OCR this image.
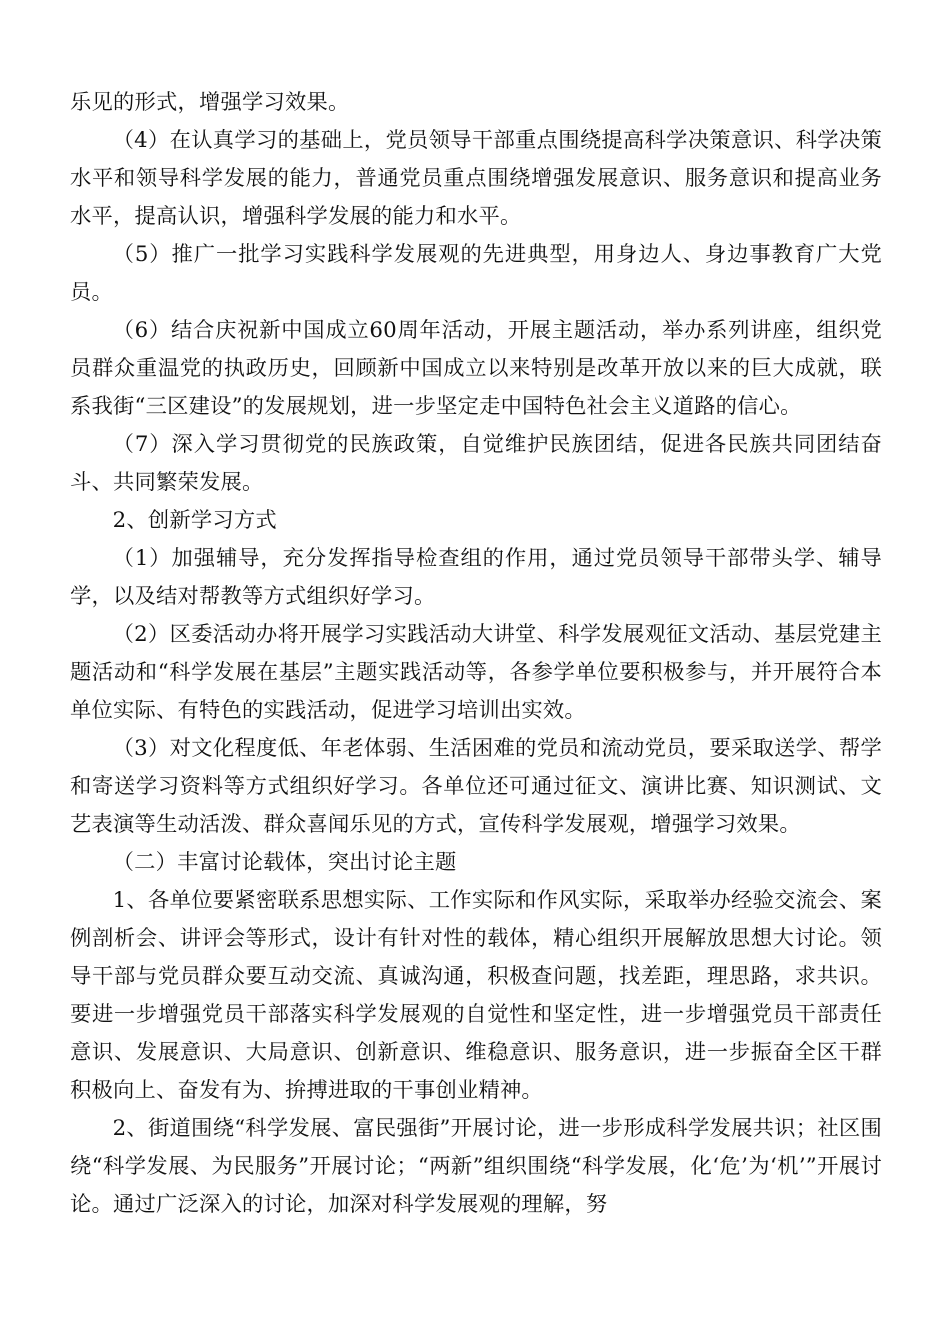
乐见的形式，增强学习效果。

（4）在认真学习的基础上，党员领导干部重点围绕提高科学决策意识、科学决策水平和领导科学发展的能力，普通党员重点围绕增强发展意识、服务意识和提高业务水平，提高认识，增强科学发展的能力和水平。

（5）推广一批学习实践科学发展观的先进典型，用身边人、身边事教育广大党员。

（6）结合庆祝新中国成立60周年活动，开展主题活动，举办系列讲座，组织党员群众重温党的执政历史，回顾新中国成立以来特别是改革开放以来的巨大成就，联系我街“三区建设”的发展规划，进一步坚定走中国特色社会主义道路的信心。

（7）深入学习贯彻党的民族政策，自觉维护民族团结，促进各民族共同团结奋斗、共同繁荣发展。

2、创新学习方式

（1）加强辅导，充分发挥指导检查组的作用，通过党员领导干部带头学、辅导学，以及结对帮教等方式组织好学习。

（2）区委活动办将开展学习实践活动大讲堂、科学发展观征文活动、基层党建主题活动和“科学发展在基层”主题实践活动等，各参学单位要积极参与，并开展符合本单位实际、有特色的实践活动，促进学习培训出实效。

（3）对文化程度低、年老体弱、生活困难的党员和流动党员，要采取送学、帮学和寄送学习资料等方式组织好学习。各单位还可通过征文、演讲比赛、知识测试、文艺表演等生动活泼、群众喜闻乐见的方式，宣传科学发展观，增强学习效果。

（二）丰富讨论载体，突出讨论主题

1、各单位要紧密联系思想实际、工作实际和作风实际，采取举办经验交流会、案例剖析会、讲评会等形式，设计有针对性的载体，精心组织开展解放思想大讨论。领导干部与党员群众要互动交流、真诚沟通，积极查问题，找差距，理思路，求共识。要进一步增强党员干部落实科学发展观的自觉性和坚定性，进一步增强党员干部责任意识、发展意识、大局意识、创新意识、维稳意识、服务意识，进一步振奋全区干群积极向上、奋发有为、拚搏进取的干事创业精神。

2、街道围绕“科学发展、富民强街”开展讨论，进一步形成科学发展共识；社区围绕“科学发展、为民服务”开展讨论；“两新”组织围绕“科学发展，化‘危’为‘机’”开展讨论。通过广泛深入的讨论，加深对科学发展观的理解，努
